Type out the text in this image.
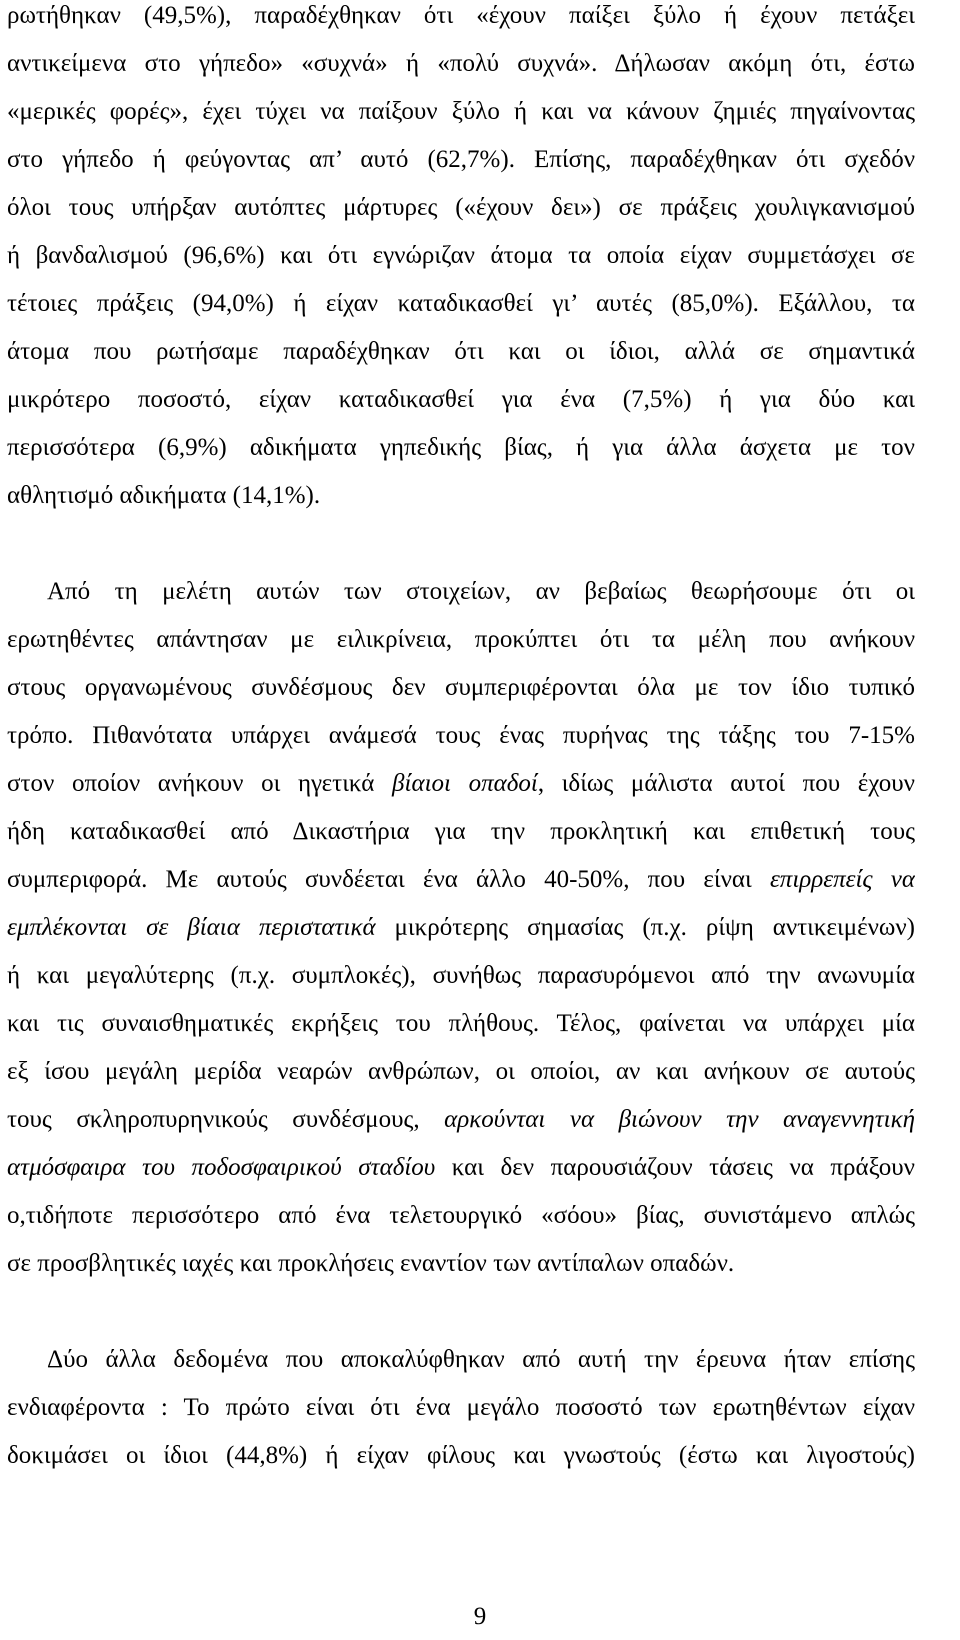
ρωτήθηκαν (49,5%), παραδέχθηκαν ότι «έχουν παίξει ξύλο ή έχουν πετάξει
αντικείμενα στο γήπεδο» «συχνά» ή «πολύ συχνά». Δήλωσαν ακόμη ότι, έστω
«μερικές φορές», έχει τύχει να παίξουν ξύλο ή και να κάνουν ζημιές πηγαίνοντας
στο γήπεδο ή φεύγοντας απ’ αυτό (62,7%). Επίσης, παραδέχθηκαν ότι σχεδόν
όλοι τους υπήρξαν αυτόπτες μάρτυρες («έχουν δει») σε πράξεις χουλιγκανισμού
ή βανδαλισμού (96,6%) και ότι εγνώριζαν άτομα τα οποία είχαν συμμετάσχει σε
τέτοιες πράξεις (94,0%) ή είχαν καταδικασθεί γι’ αυτές (85,0%). Εξάλλου, τα
άτομα που ρωτήσαμε παραδέχθηκαν ότι και οι ίδιοι, αλλά σε σημαντικά
μικρότερο ποσοστό, είχαν καταδικασθεί για ένα (7,5%) ή για δύο και
περισσότερα (6,9%) αδικήματα γηπεδικής βίας, ή για άλλα άσχετα με τον
αθλητισμό αδικήματα (14,1%).
Από τη μελέτη αυτών των στοιχείων, αν βεβαίως θεωρήσουμε ότι οι
ερωτηθέντες απάντησαν με ειλικρίνεια, προκύπτει ότι τα μέλη που ανήκουν
στους οργανωμένους συνδέσμους δεν συμπεριφέρονται όλα με τον ίδιο τυπικό
τρόπο. Πιθανότατα υπάρχει ανάμεσά τους ένας πυρήνας της τάξης του 7-15%
στον οποίον ανήκουν οι ηγετικά βίαιοι οπαδοί, ιδίως μάλιστα αυτοί που έχουν
ήδη καταδικασθεί από Δικαστήρια για την προκλητική και επιθετική τους
συμπεριφορά. Με αυτούς συνδέεται ένα άλλο 40-50%, που είναι επιρρεπείς να
εμπλέκονται σε βίαια περιστατικά μικρότερης σημασίας (π.χ. ρίψη αντικειμένων)
ή και μεγαλύτερης (π.χ. συμπλοκές), συνήθως παρασυρόμενοι από την ανωνυμία
και τις συναισθηματικές εκρήξεις του πλήθους. Τέλος, φαίνεται να υπάρχει μία
εξ ίσου μεγάλη μερίδα νεαρών ανθρώπων, οι οποίοι, αν και ανήκουν σε αυτούς
τους σκληροπυρηνικούς συνδέσμους, αρκούνται να βιώνουν την αναγεννητική
ατμόσφαιρα του ποδοσφαιρικού σταδίου και δεν παρουσιάζουν τάσεις να πράξουν
ο,τιδήποτε περισσότερο από ένα τελετουργικό «σόου» βίας, συνιστάμενο απλώς
σε προσβλητικές ιαχές και προκλήσεις εναντίον των αντίπαλων οπαδών.
Δύο άλλα δεδομένα που αποκαλύφθηκαν από αυτή την έρευνα ήταν επίσης
ενδιαφέροντα : Το πρώτο είναι ότι ένα μεγάλο ποσοστό των ερωτηθέντων είχαν
δοκιμάσει οι ίδιοι (44,8%) ή είχαν φίλους και γνωστούς (έστω και λιγοστούς)
9
